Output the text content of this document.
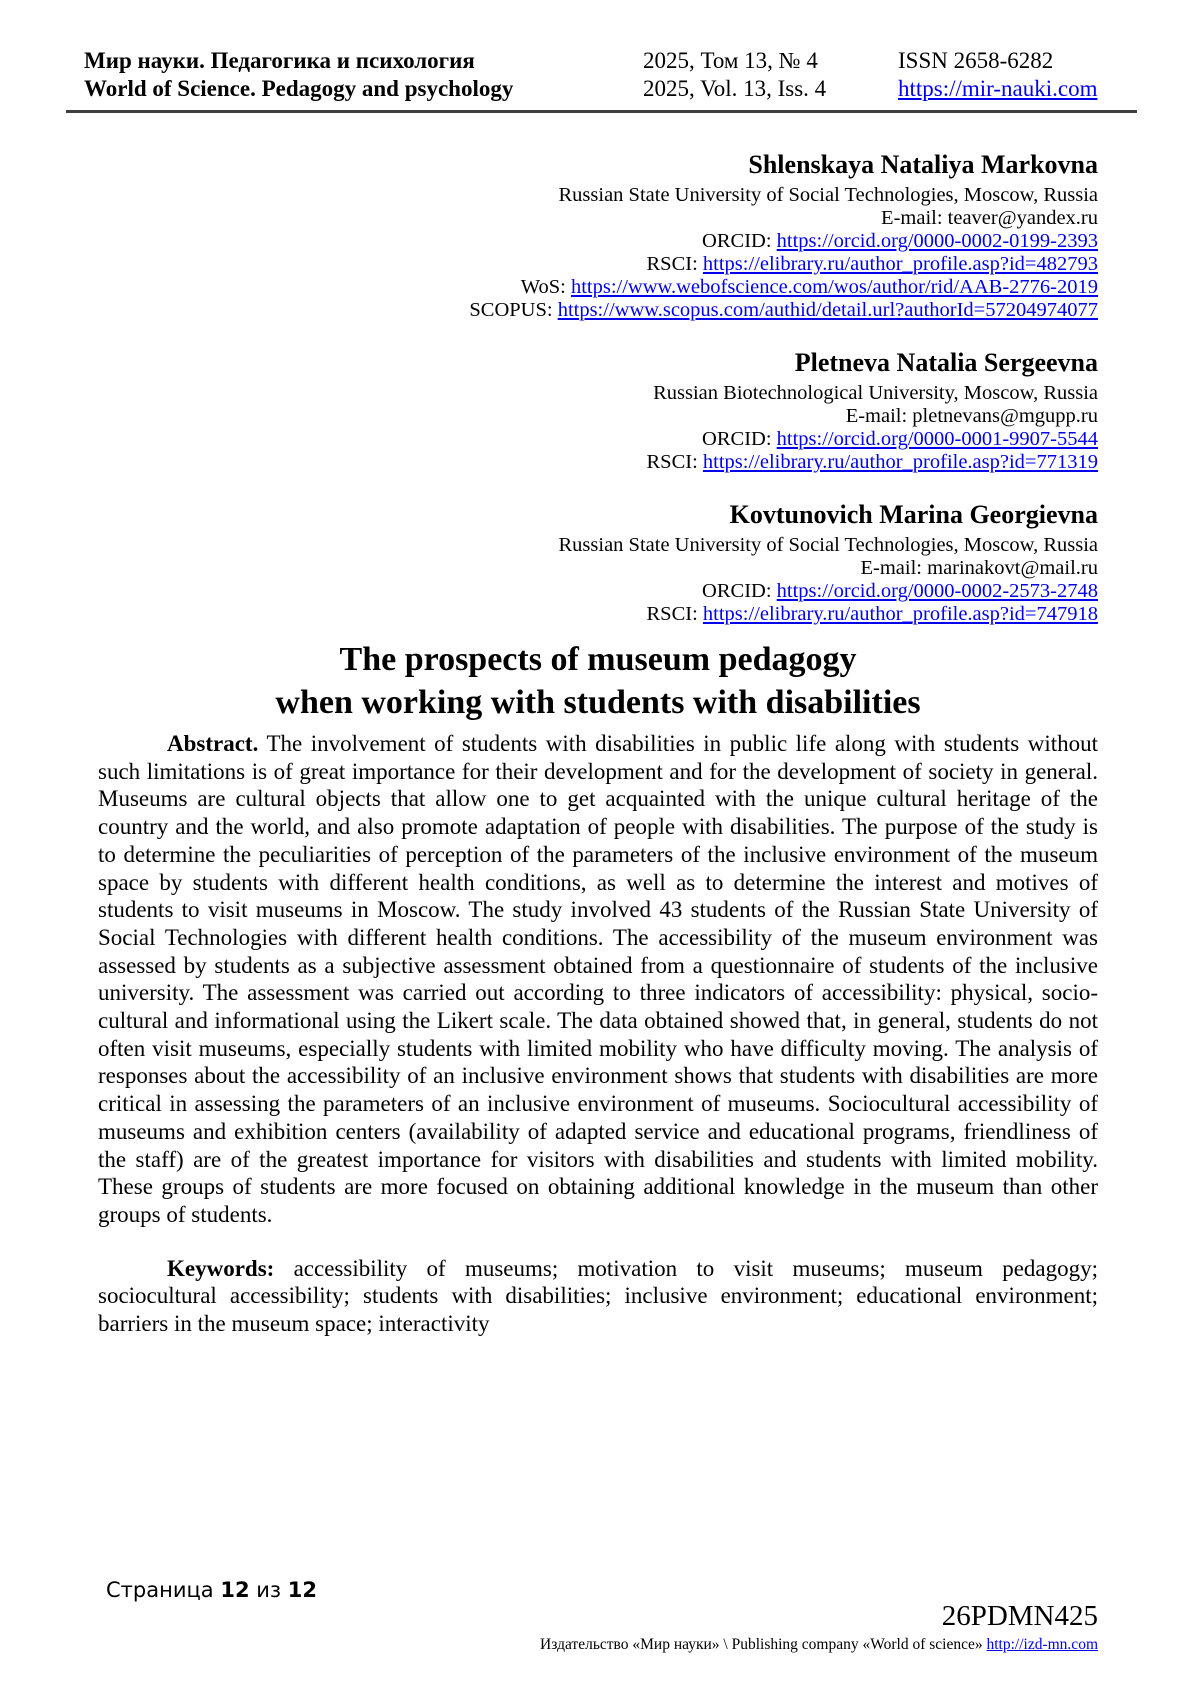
Мир науки. Педагогика и психология
World of Science. Pedagogy and psychology
2025, Том 13, № 4
2025, Vol. 13, Iss. 4
ISSN 2658-6282
https://mir-nauki.com
Shlenskaya Nataliya Markovna
Russian State University of Social Technologies, Moscow, Russia
E-mail: teaver@yandex.ru
ORCID: https://orcid.org/0000-0002-0199-2393
RSCI: https://elibrary.ru/author_profile.asp?id=482793
WoS: https://www.webofscience.com/wos/author/rid/AAB-2776-2019
SCOPUS: https://www.scopus.com/authid/detail.url?authorId=57204974077
Pletneva Natalia Sergeevna
Russian Biotechnological University, Moscow, Russia
E-mail: pletnevans@mgupp.ru
ORCID: https://orcid.org/0000-0001-9907-5544
RSCI: https://elibrary.ru/author_profile.asp?id=771319
Kovtunovich Marina Georgievna
Russian State University of Social Technologies, Moscow, Russia
E-mail: marinakovt@mail.ru
ORCID: https://orcid.org/0000-0002-2573-2748
RSCI: https://elibrary.ru/author_profile.asp?id=747918
The prospects of museum pedagogy
when working with students with disabilities

Abstract. The involvement of students with disabilities in public life along with students without such limitations is of great importance for their development and for the development of society in general. Museums are cultural objects that allow one to get acquainted with the unique cultural heritage of the country and the world, and also promote adaptation of people with disabilities. The purpose of the study is to determine the peculiarities of perception of the parameters of the inclusive environment of the museum space by students with different health conditions, as well as to determine the interest and motives of students to visit museums in Moscow. The study involved 43 students of the Russian State University of Social Technologies with different health conditions. The accessibility of the museum environment was assessed by students as a subjective assessment obtained from a questionnaire of students of the inclusive university. The assessment was carried out according to three indicators of accessibility: physical, socio-cultural and informational using the Likert scale. The data obtained showed that, in general, students do not often visit museums, especially students with limited mobility who have difficulty moving. The analysis of responses about the accessibility of an inclusive environment shows that students with disabilities are more critical in assessing the parameters of an inclusive environment of museums. Sociocultural accessibility of museums and exhibition centers (availability of adapted service and educational programs, friendliness of the staff) are of the greatest importance for visitors with disabilities and students with limited mobility. These groups of students are more focused on obtaining additional knowledge in the museum than other groups of students.

Keywords: accessibility of museums; motivation to visit museums; museum pedagogy; sociocultural accessibility; students with disabilities; inclusive environment; educational environment; barriers in the museum space; interactivity

Страница 12 из 12
26PDMN425
Издательство «Мир науки» \ Publishing company «World of science» http://izd-mn.com
